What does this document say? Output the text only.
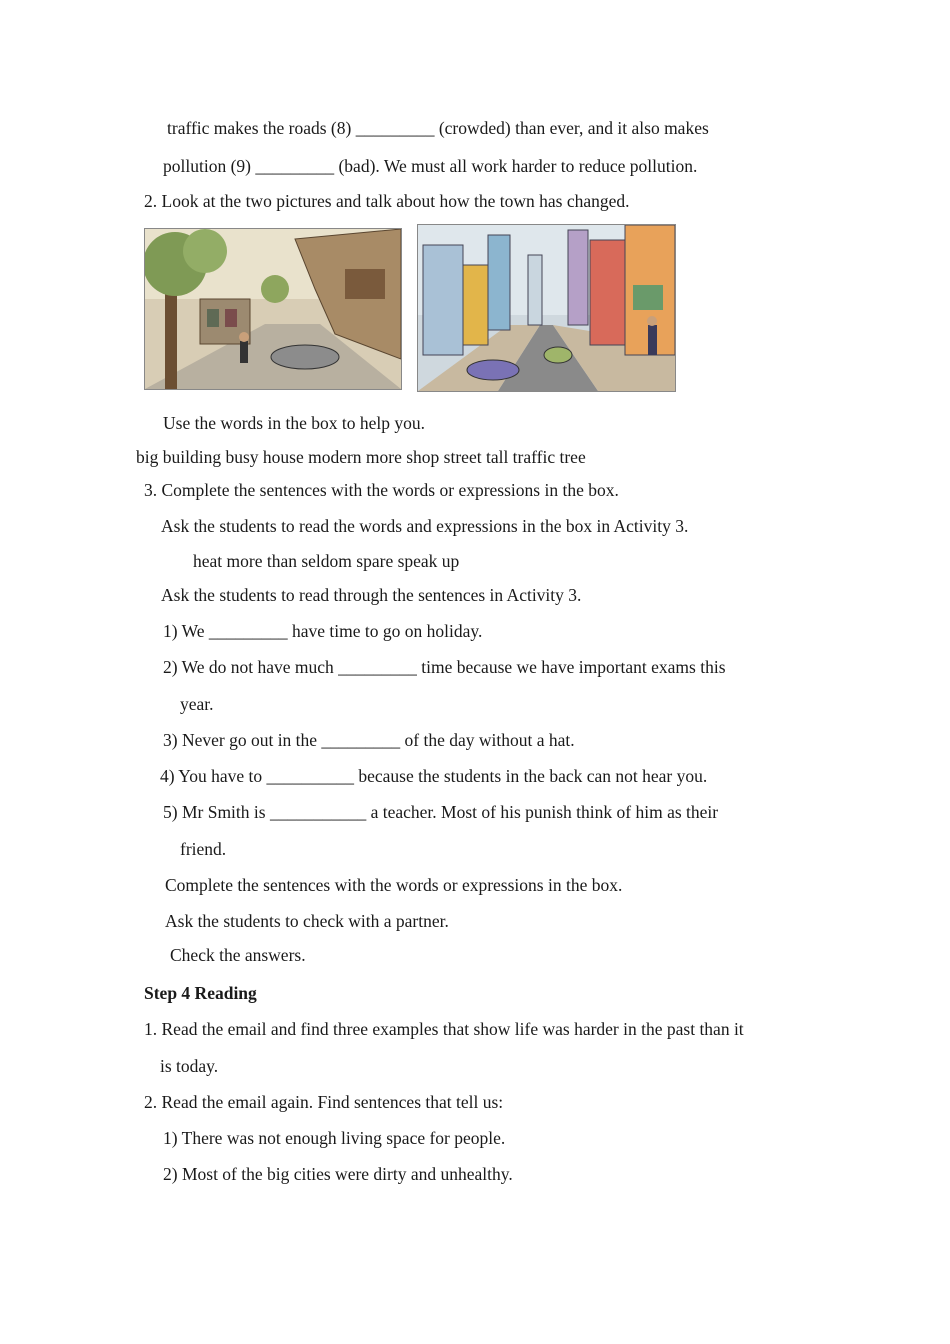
traffic makes the roads (8) _________ (crowded) than ever, and it also makes
pollution (9) _________ (bad). We must all work harder to reduce pollution.
2. Look at the two pictures and talk about how the town has changed.
Use the words in the box to help you.
big building busy house modern more shop street tall traffic tree
3. Complete the sentences with the words or expressions in the box.
Ask the students to read the words and expressions in the box in Activity 3.
heat more than seldom spare speak up
Ask the students to read through the sentences in Activity 3.
1) We _________ have time to go on holiday.
2) We do not have much _________ time because we have important exams this
year.
3) Never go out in the _________ of the day without a hat.
4) You have to __________ because the students in the back can not hear you.
5) Mr Smith is ___________ a teacher. Most of his punish think of him as their
friend.
Complete the sentences with the words or expressions in the box.
Ask the students to check with a partner.
Check the answers.
Step 4 Reading
1. Read the email and find three examples that show life was harder in the past than it
is today.
2. Read the email again. Find sentences that tell us:
1) There was not enough living space for people.
2) Most of the big cities were dirty and unhealthy.
